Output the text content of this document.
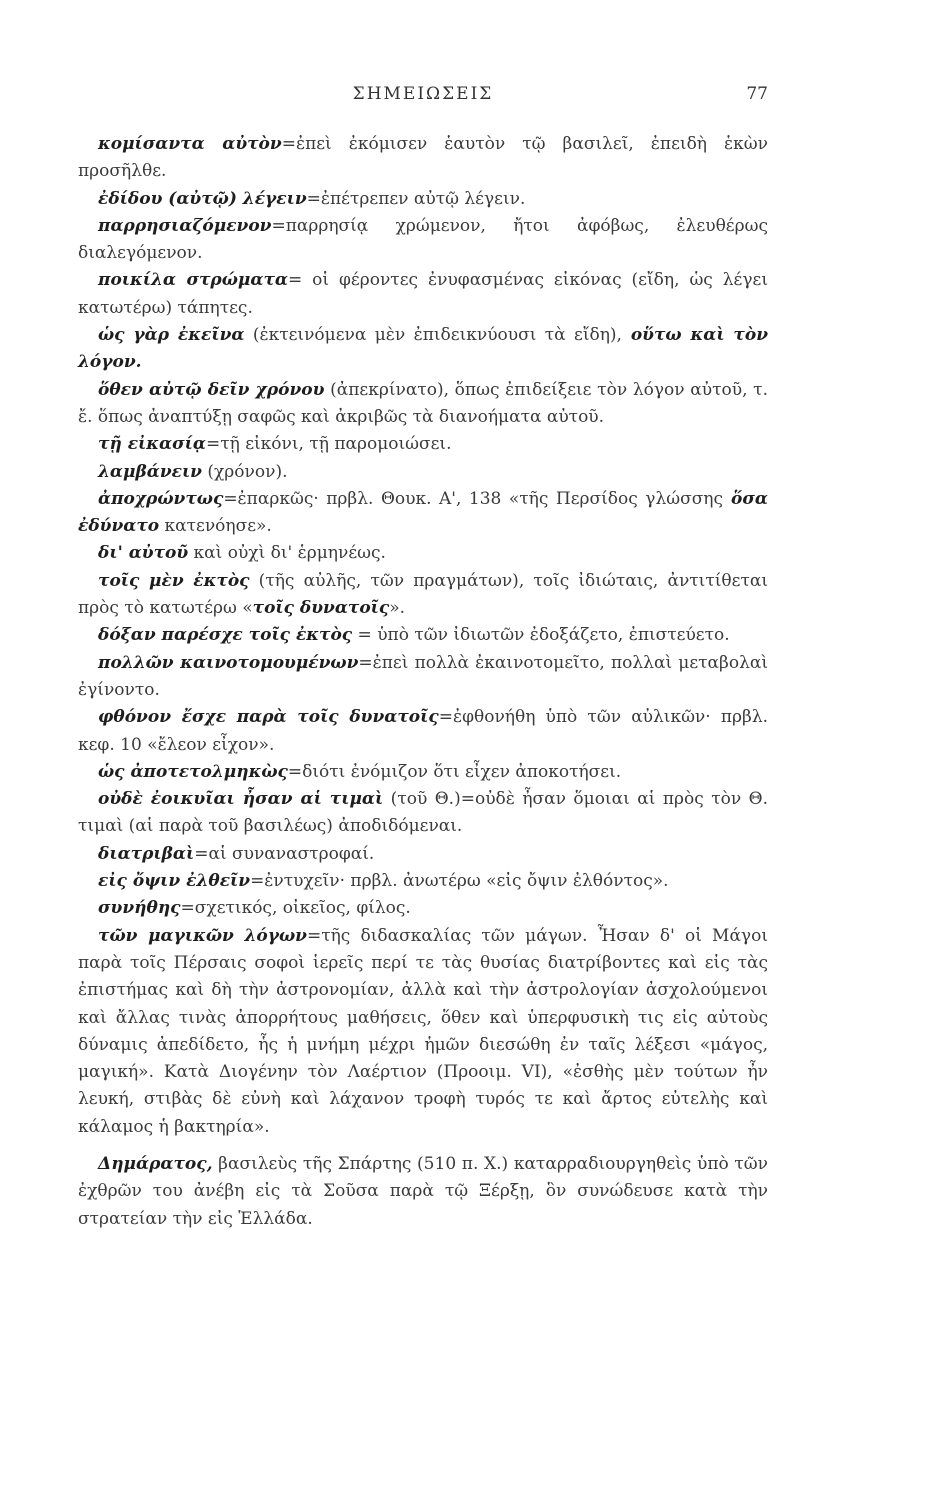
ΣΗΜΕΙΩΣΕΙΣ	77

κομίσαντα αὐτὸν=ἐπεὶ ἐκόμισεν ἑαυτὸν τῷ βασιλεῖ, ἐπειδὴ ἑκὼν προσῆλθε.

ἐδίδου (αὐτῷ) λέγειν=ἐπέτρεπεν αὐτῷ λέγειν.

παρρησιαζόμενον=παρρησίᾳ χρώμενον, ἤτοι ἀφόβως, ἐλευθέρως διαλεγόμενον.

ποικίλα στρώματα= οἱ φέροντες ἐνυφασμένας εἰκόνας (εἴδη, ὡς λέγει κατωτέρω) τάπητες.

ὡς γὰρ ἐκεῖνα (ἐκτεινόμενα μὲν ἐπιδεικνύουσι τὰ εἴδη), οὕτω καὶ τὸν λόγον.

ὅθεν αὐτῷ δεῖν χρόνου (ἀπεκρίνατο), ὅπως ἐπιδείξειε τὸν λόγον αὐτοῦ, τ. ἔ. ὅπως ἀναπτύξῃ σαφῶς καὶ ἀκριβῶς τὰ διανοήματα αὐτοῦ.

τῇ εἰκασίᾳ=τῇ εἰκόνι, τῇ παρομοιώσει.

λαμβάνειν (χρόνον).

ἀποχρώντως=ἐπαρκῶς· πρβλ. Θουκ. Α', 138 «τῆς Περσίδος γλώσσης ὅσα ἐδύνατο κατενόησε».

δι' αὐτοῦ καὶ οὐχὶ δι' ἑρμηνέως.

τοῖς μὲν ἐκτὸς (τῆς αὐλῆς, τῶν πραγμάτων), τοῖς ἰδιώταις, ἀντιτίθεται πρὸς τὸ κατωτέρω «τοῖς δυνατοῖς».

δόξαν παρέσχε τοῖς ἐκτὸς = ὑπὸ τῶν ἰδιωτῶν ἐδοξάζετο, ἐπιστεύετο.

πολλῶν καινοτομουμένων=ἐπεὶ πολλὰ ἐκαινοτομεῖτο, πολλαὶ μεταβολαὶ ἐγίνοντο.

φθόνον ἔσχε παρὰ τοῖς δυνατοῖς=ἐφθονήθη ὑπὸ τῶν αὐλικῶν· πρβλ. κεφ. 10 «ἔλεον εἶχον».

ὡς ἀποτετολμηκὼς=διότι ἐνόμιζον ὅτι εἶχεν ἀποκοτήσει.

οὐδὲ ἐοικυῖαι ἦσαν αἱ τιμαὶ (τοῦ Θ.)=οὐδὲ ἦσαν ὅμοιαι αἱ πρὸς τὸν Θ. τιμαὶ (αἱ παρὰ τοῦ βασιλέως) ἀποδιδόμεναι.

διατριβαὶ=αἱ συναναστροφαί.

εἰς ὄψιν ἐλθεῖν=ἐντυχεῖν· πρβλ. ἀνωτέρω «εἰς ὄψιν ἐλθόντος».

συνήθης=σχετικός, οἰκεῖος, φίλος.

τῶν μαγικῶν λόγων=τῆς διδασκαλίας τῶν μάγων. Ἦσαν δ' οἱ Μάγοι παρὰ τοῖς Πέρσαις σοφοὶ ἱερεῖς περί τε τὰς θυσίας διατρίβοντες καὶ εἰς τὰς ἐπιστήμας καὶ δὴ τὴν ἀστρονομίαν, ἀλλὰ καὶ τὴν ἀστρολογίαν ἀσχολούμενοι καὶ ἄλλας τινὰς ἀπορρήτους μαθήσεις, ὅθεν καὶ ὑπερφυσικὴ τις εἰς αὐτοὺς δύναμις ἀπεδίδετο, ἧς ἡ μνήμη μέχρι ἡμῶν διεσώθη ἐν ταῖς λέξεσι «μάγος, μαγική». Κατὰ Διογένην τὸν Λαέρτιον (Προοιμ. VI), «ἐσθὴς μὲν τούτων ἦν λευκή, στιβὰς δὲ εὐνὴ καὶ λάχανον τροφὴ τυρός τε καὶ ἄρτος εὐτελὴς καὶ κάλαμος ἡ βακτηρία».

Δημάρατος, βασιλεὺς τῆς Σπάρτης (510 π. Χ.) καταρραδιουργηθεὶς ὑπὸ τῶν ἐχθρῶν του ἀνέβη εἰς τὰ Σοῦσα παρὰ τῷ Ξέρξῃ, ὃν συνώδευσε κατὰ τὴν στρατείαν τὴν εἰς Ἑλλάδα.
